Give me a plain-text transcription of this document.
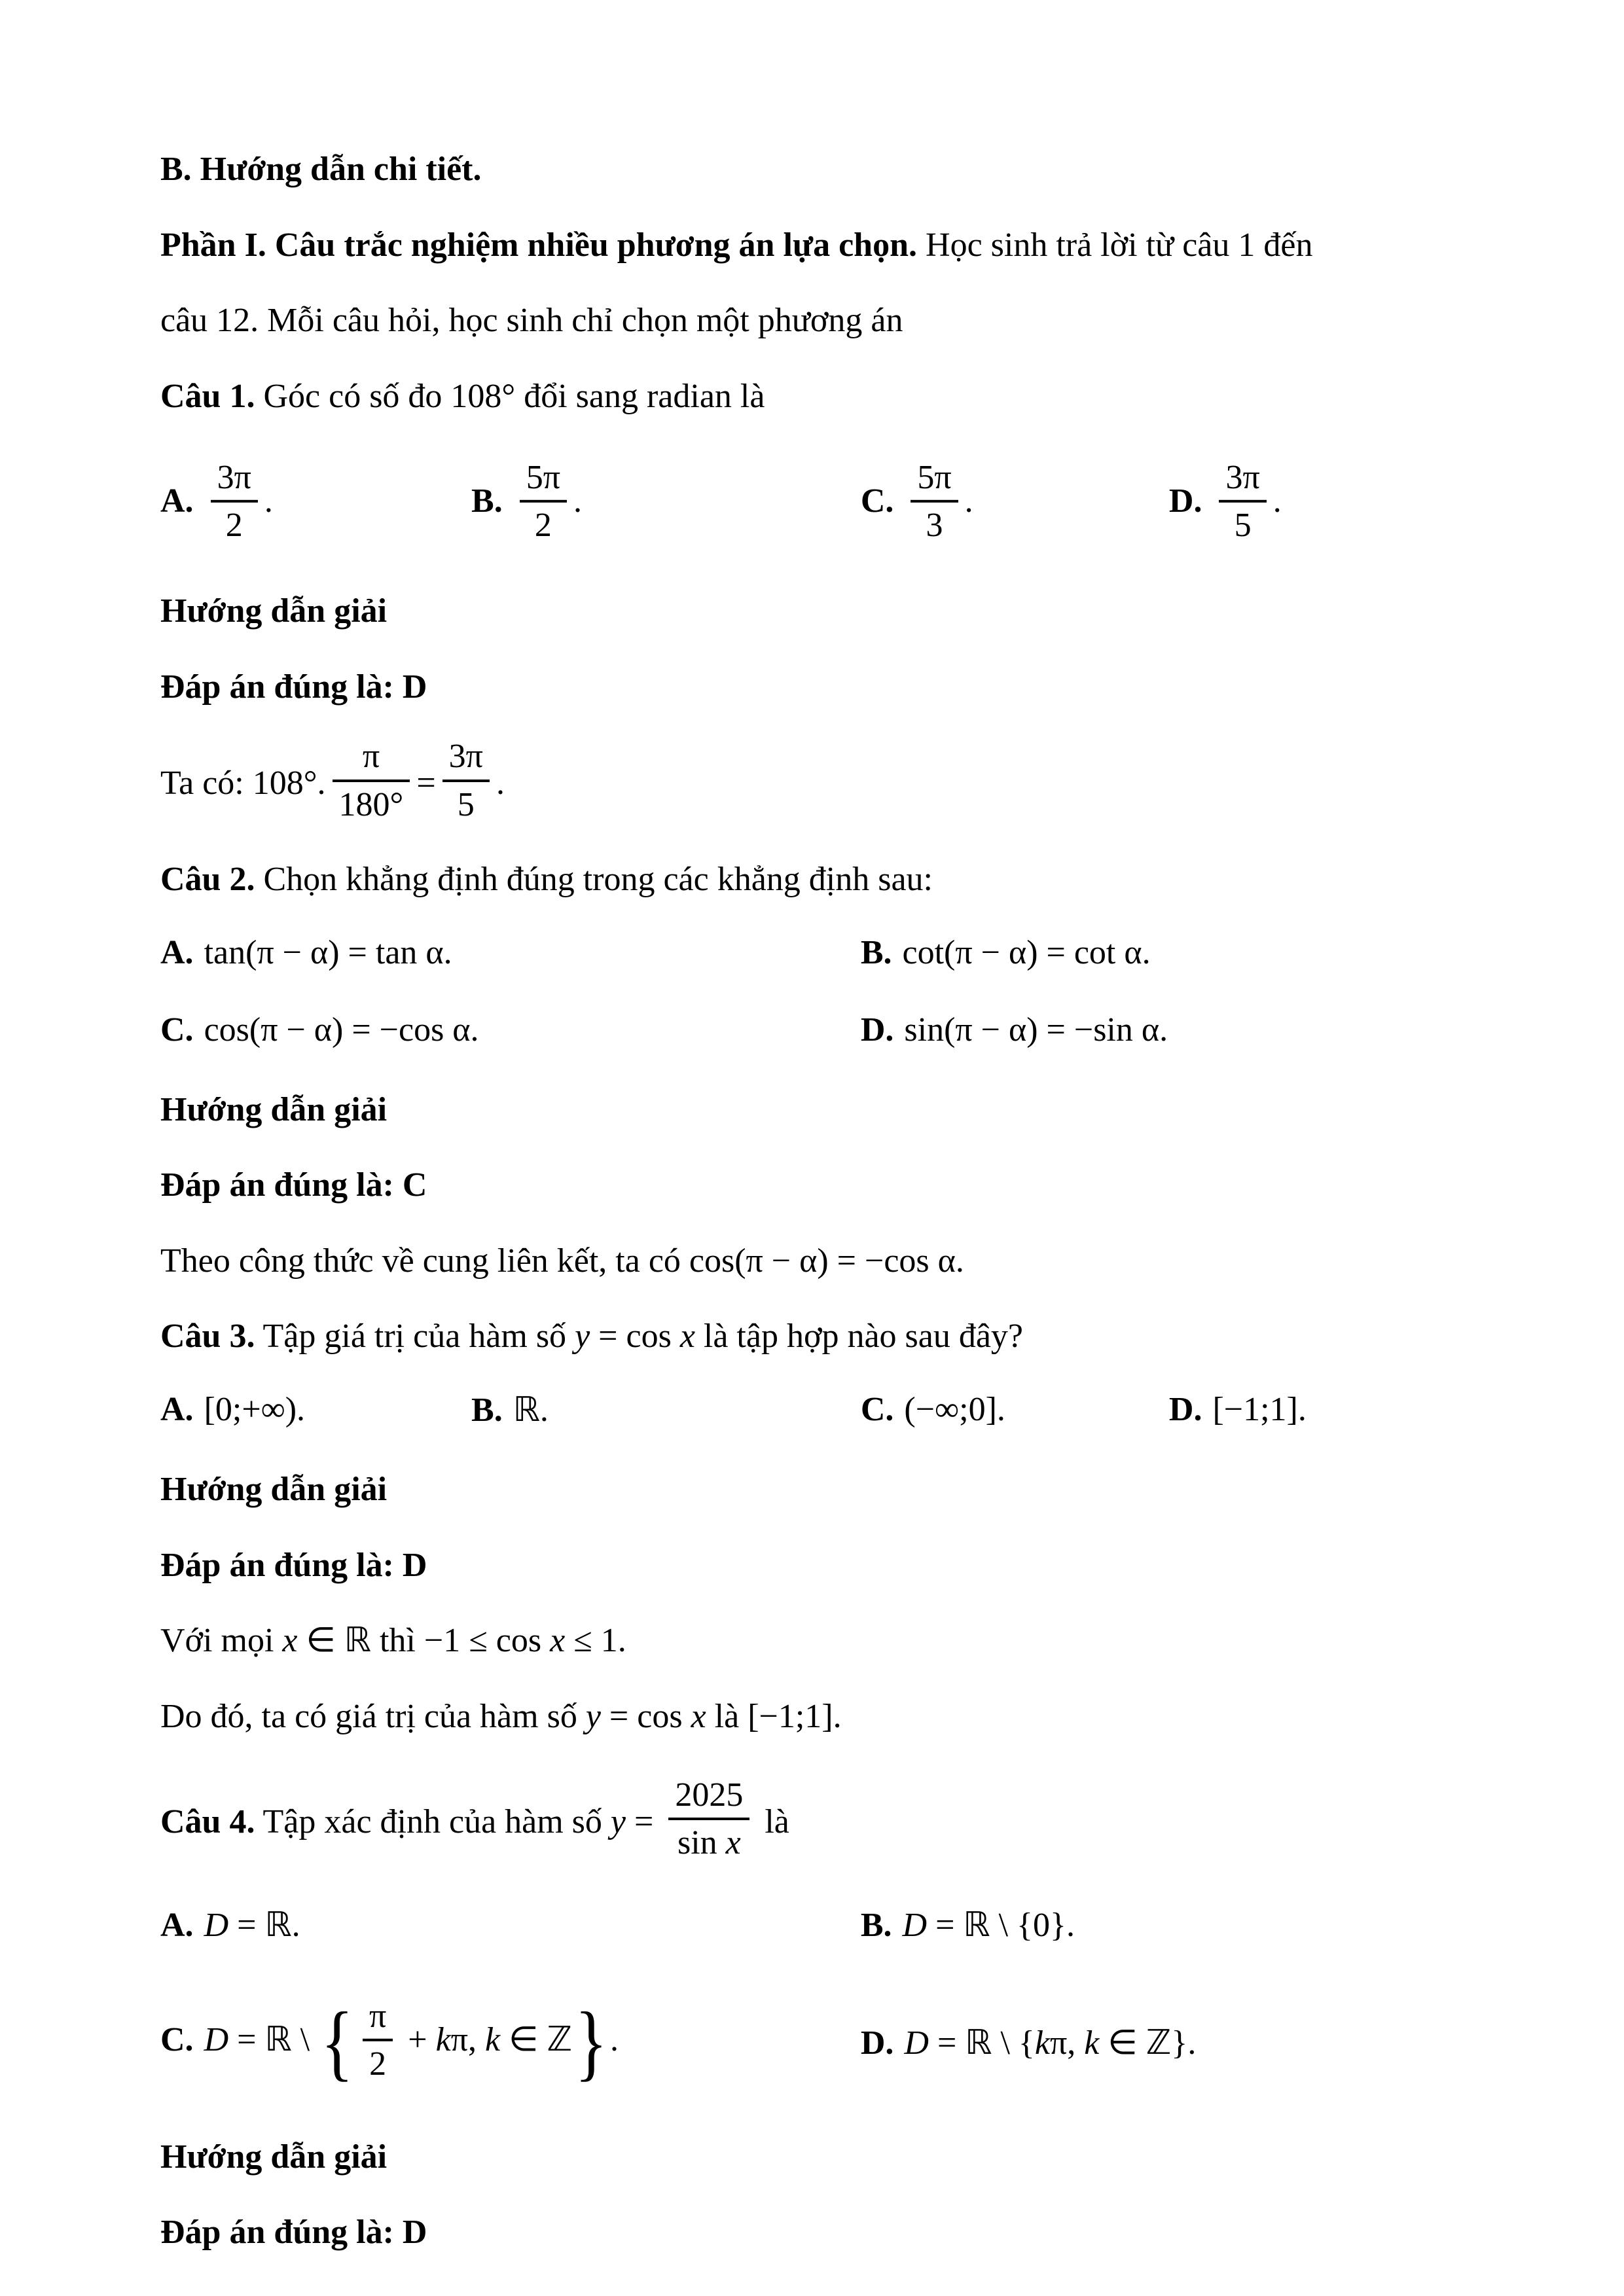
B. Hướng dẫn chi tiết.

Phần I. Câu trắc nghiệm nhiều phương án lựa chọn. Học sinh trả lời từ câu 1 đến

câu 12. Mỗi câu hỏi, học sinh chỉ chọn một phương án

Câu 1. Góc có số đo 108° đổi sang radian là

A. $\frac{3\pi}{2}$ .	B. $\frac{5\pi}{2}$ .	C. $\frac{5\pi}{3}$ .	D. $\frac{3\pi}{5}$ .

Hướng dẫn giải

Đáp án đúng là: D

Ta có: 108°. $\frac{\pi}{180^\circ} = \frac{3\pi}{5}$ .

Câu 2. Chọn khẳng định đúng trong các khẳng định sau:

A. tan(π − α) = tan α.	B. cot(π − α) = cot α.
C. cos(π − α) = −cos α.	D. sin(π − α) = −sin α.

Hướng dẫn giải

Đáp án đúng là: C

Theo công thức về cung liên kết, ta có cos(π − α) = −cos α.

Câu 3. Tập giá trị của hàm số y = cos x là tập hợp nào sau đây?

A. [0;+∞).	B. ℝ.	C. (−∞;0].	D. [−1;1].

Hướng dẫn giải

Đáp án đúng là: D

Với mọi x ∈ ℝ thì −1 ≤ cos x ≤ 1.

Do đó, ta có giá trị của hàm số y = cos x là [−1;1].

Câu 4. Tập xác định của hàm số $y = \frac{2025}{\text{sin x}}$ là
A. D = ℝ.	B. D = ℝ \ {0}.
C. D = ℝ \ { $\frac{\pi}{2} + k\pi$, k ∈ ℤ}.	D. D = ℝ \ {kπ, k ∈ ℤ}.

Hướng dẫn giải

Đáp án đúng là: D
